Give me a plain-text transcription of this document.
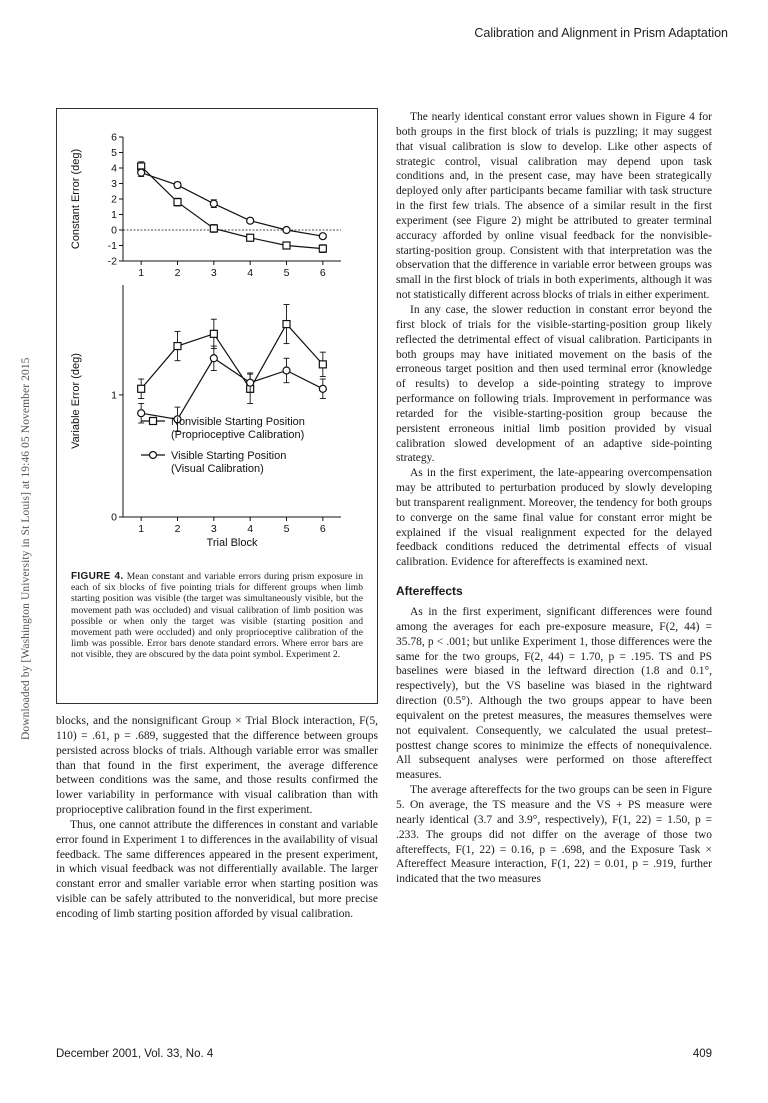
Calibration and Alignment in Prism Adaptation
Downloaded by [Washington University in St Louis] at 19:46 05 November 2015
-2
-1
0
1
2
3
4
5
6
1	2	3	4	5	6
Constant Error (deg)
0
1
1	2	3	4	5	6
Variable Error (deg)
Trial Block
Nonvisible Starting Position
(Proprioceptive Calibration)
Visible Starting Position
(Visual Calibration)
FIGURE 4. Mean constant and variable errors during prism exposure in each of six blocks of five pointing trials for different groups when limb starting position was visible (the target was simultaneously visible, but the movement path was occluded) and visual calibration of limb position was possible or when only the target was visible (starting position and movement path were occluded) and only proprioceptive calibration of the limb was possible. Error bars denote standard errors. Where error bars are not visible, they are obscured by the data point symbol. Experiment 2.

blocks, and the nonsignificant Group × Trial Block interaction, F(5, 110) = .61, p = .689, suggested that the difference between groups persisted across blocks of trials. Although variable error was smaller than that found in the first experiment, the average difference between conditions was the same, and those results confirmed the lower variability in performance with visual calibration than with proprioceptive calibration found in the first experiment.

Thus, one cannot attribute the differences in constant and variable error found in Experiment 1 to differences in the availability of visual feedback. The same differences appeared in the present experiment, in which visual feedback was not differentially available. The larger constant error and smaller variable error when starting position was visible can be safely attributed to the nonveridical, but more precise encoding of limb starting position afforded by visual calibration.

The nearly identical constant error values shown in Figure 4 for both groups in the first block of trials is puzzling; it may suggest that visual calibration is slow to develop. Like other aspects of strategic control, visual calibration may depend upon task conditions and, in the present case, may have been strategically deployed only after participants became familiar with task structure in the first few trials. The absence of a similar result in the first experiment (see Figure 2) might be attributed to greater terminal accuracy afforded by online visual feedback for the nonvisible-starting-position group. Consistent with that interpretation was the observation that the difference in variable error between groups was small in the first block of trials in both experiments, although it was not statistically different across blocks of trials in either experiment.

In any case, the slower reduction in constant error beyond the first block of trials for the visible-starting-position group likely reflected the detrimental effect of visual calibration. Participants in both groups may have initiated movement on the basis of the erroneous target position and then used terminal error (knowledge of results) to develop a side-pointing strategy to improve performance on following trials. Improvement in performance was retarded for the visible-starting-position group because the persistent erroneous initial limb position provided by visual calibration slowed development of an adaptive side-pointing strategy.

As in the first experiment, the late-appearing overcompensation may be attributed to perturbation produced by slowly developing but transparent realignment. Moreover, the tendency for both groups to converge on the same final value for constant error might be explained if the visual realignment expected for the delayed feedback conditions reduced the detrimental effects of visual calibration. Evidence for aftereffects is examined next.

Aftereffects

As in the first experiment, significant differences were found among the averages for each pre-exposure measure, F(2, 44) = 35.78, p < .001; but unlike Experiment 1, those differences were the same for the two groups, F(2, 44) = 1.70, p = .195. TS and PS baselines were biased in the leftward direction (1.8 and 0.1°, respectively), but the VS baseline was biased in the rightward direction (0.5°). Although the two groups appear to have been equivalent on the pretest measures, the measures themselves were not equivalent. Consequently, we calculated the usual pretest–posttest change scores to minimize the effects of nonequivalence. All subsequent analyses were performed on those aftereffect measures.

The average aftereffects for the two groups can be seen in Figure 5. On average, the TS measure and the VS + PS measure were nearly identical (3.7 and 3.9°, respectively), F(1, 22) = 1.50, p = .233. The groups did not differ on the average of those two aftereffects, F(1, 22) = 0.16, p = .698, and the Exposure Task × Aftereffect Measure interaction, F(1, 22) = 0.01, p = .919, further indicated that the two measures

December 2001, Vol. 33, No. 4	409
